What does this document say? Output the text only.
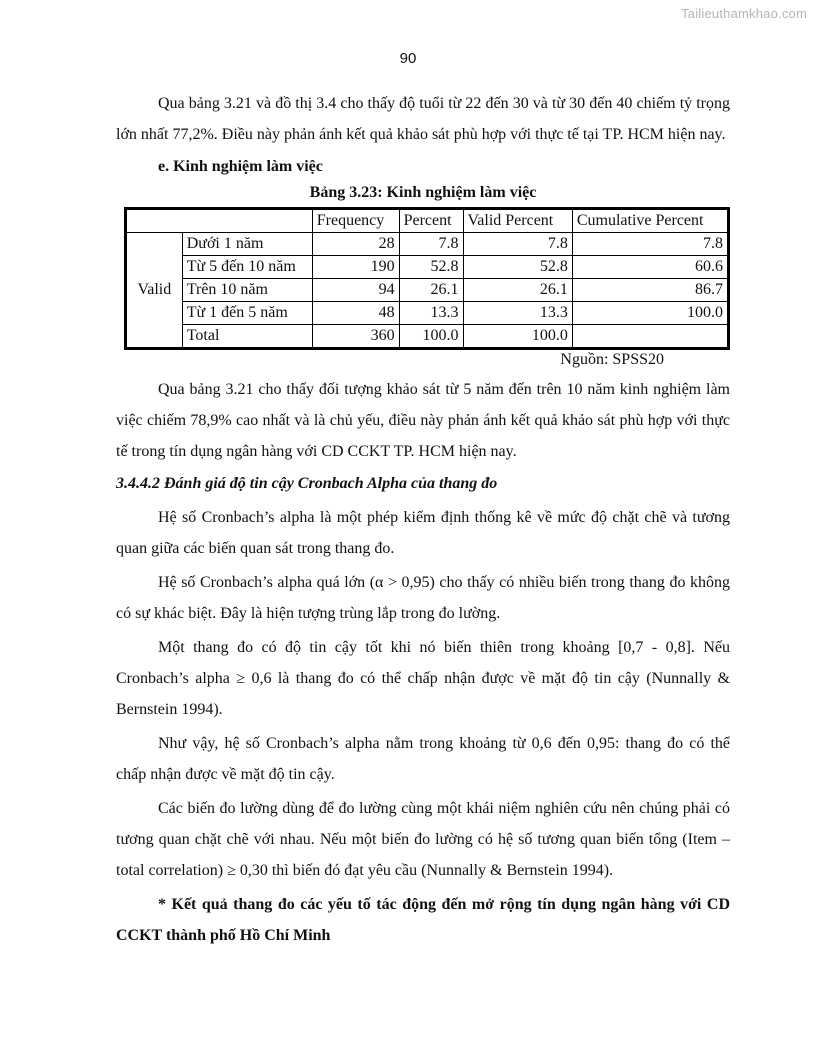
Tailieuthamkhao.com
90

Qua bảng 3.21 và đồ thị 3.4 cho thấy độ tuổi từ 22 đến 30 và từ 30 đến 40 chiếm tỷ trọng lớn nhất 77,2%. Điều này phản ánh kết quả khảo sát phù hợp với thực tế tại TP. HCM hiện nay.

e. Kinh nghiệm làm việc
Bảng 3.23: Kinh nghiệm làm việc
		Frequency	Percent	Valid Percent	Cumulative Percent
Valid	Dưới 1 năm	28	7.8	7.8	7.8
	Từ 5 đến 10 năm	190	52.8	52.8	60.6
	Trên 10 năm	94	26.1	26.1	86.7
	Từ 1 đến 5 năm	48	13.3	13.3	100.0
	Total	360	100.0	100.0	
Nguồn: SPSS20

Qua bảng 3.21 cho thấy đối tượng khảo sát từ 5 năm đến trên 10 năm kinh nghiệm làm việc chiếm 78,9% cao nhất và là chủ yếu, điều này phản ánh kết quả khảo sát phù hợp với thực tế trong tín dụng ngân hàng với CD CCKT TP. HCM hiện nay.

3.4.4.2 Đánh giá độ tin cậy Cronbach Alpha của thang đo

Hệ số Cronbach’s alpha là một phép kiểm định thống kê về mức độ chặt chẽ và tương quan giữa các biến quan sát trong thang đo.

Hệ số Cronbach’s alpha quá lớn (α > 0,95) cho thấy có nhiều biến trong thang đo không có sự khác biệt. Đây là hiện tượng trùng lắp trong đo lường.

Một thang đo có độ tin cậy tốt khi nó biến thiên trong khoảng [0,7 - 0,8]. Nếu Cronbach’s alpha ≥ 0,6 là thang đo có thể chấp nhận được về mặt độ tin cậy (Nunnally & Bernstein 1994).

Như vậy, hệ số Cronbach’s alpha nằm trong khoảng từ 0,6 đến 0,95: thang đo có thể chấp nhận được về mặt độ tin cậy.

Các biến đo lường dùng để đo lường cùng một khái niệm nghiên cứu nên chúng phải có tương quan chặt chẽ với nhau. Nếu một biến đo lường có hệ số tương quan biến tổng (Item – total correlation) ≥ 0,30 thì biến đó đạt yêu cầu (Nunnally & Bernstein 1994).

* Kết quả thang đo các yếu tố tác động đến mở rộng tín dụng ngân hàng với CD CCKT thành phố Hồ Chí Minh
